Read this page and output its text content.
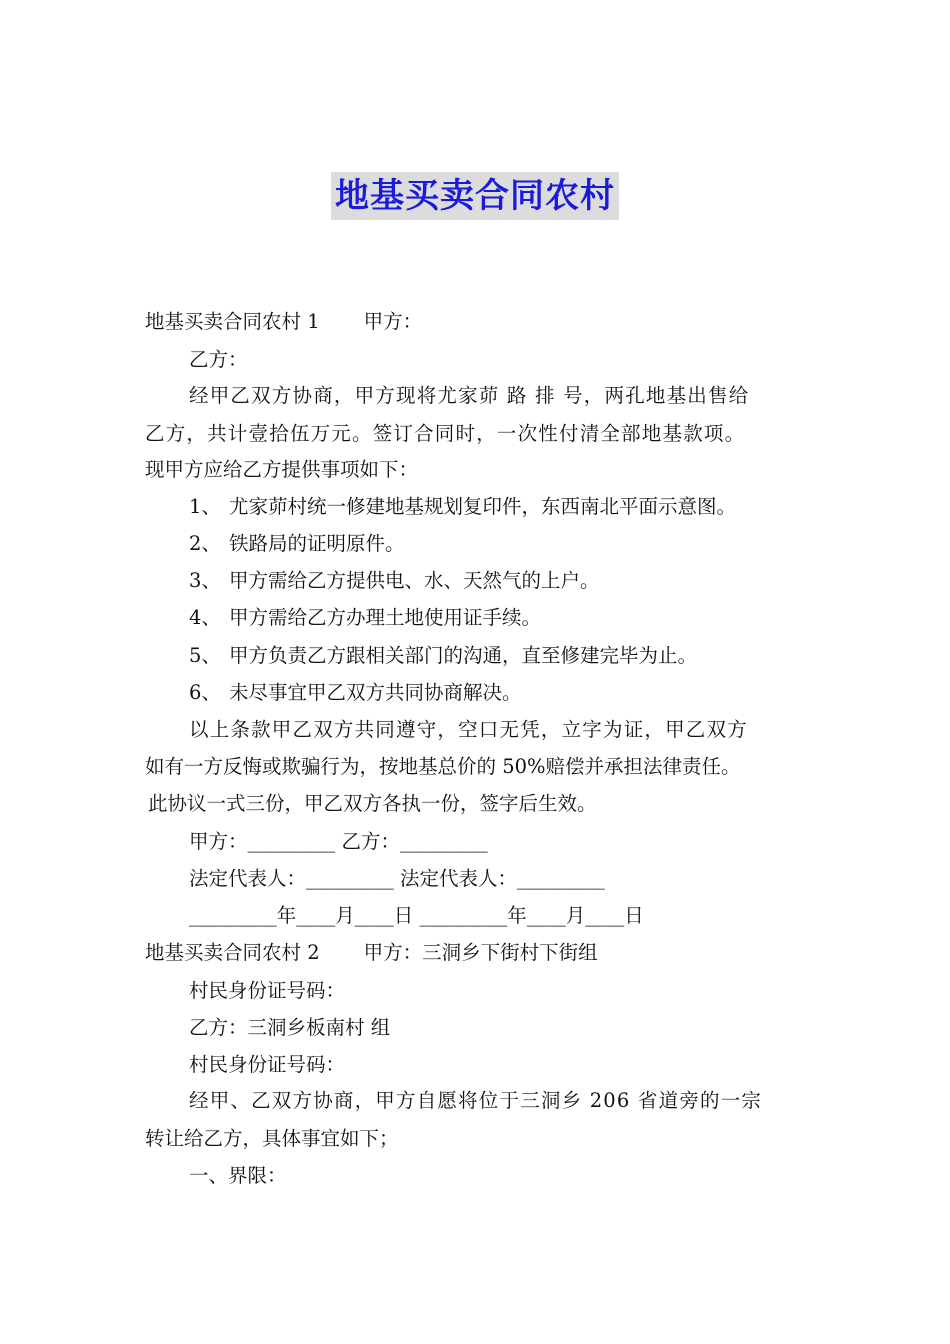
地基买卖合同农村
地基买卖合同农村 1 甲方：
乙方：
经甲乙双方协商，甲方现将尤家茆 路 排 号，两孔地基出售给
乙方，共计壹拾伍万元。签订合同时，一次性付清全部地基款项。
现甲方应给乙方提供事项如下：
1、 尤家茆村统一修建地基规划复印件，东西南北平面示意图。
2、 铁路局的证明原件。
3、 甲方需给乙方提供电、水、天然气的上户。
4、 甲方需给乙方办理土地使用证手续。
5、 甲方负责乙方跟相关部门的沟通，直至修建完毕为止。
6、 未尽事宜甲乙双方共同协商解决。
以上条款甲乙双方共同遵守，空口无凭，立字为证，甲乙双方
如有一方反悔或欺骗行为，按地基总价的 50%赔偿并承担法律责任。
此协议一式三份，甲乙双方各执一份，签字后生效。
甲方：_________ 乙方：_________
法定代表人：_________ 法定代表人：_________
_________年____月____日 _________年____月____日
地基买卖合同农村 2 甲方：三洞乡下街村下街组
村民身份证号码：
乙方：三洞乡板南村 组
村民身份证号码：
经甲、乙双方协商，甲方自愿将位于三洞乡 206 省道旁的一宗
转让给乙方，具体事宜如下；
一、界限：
